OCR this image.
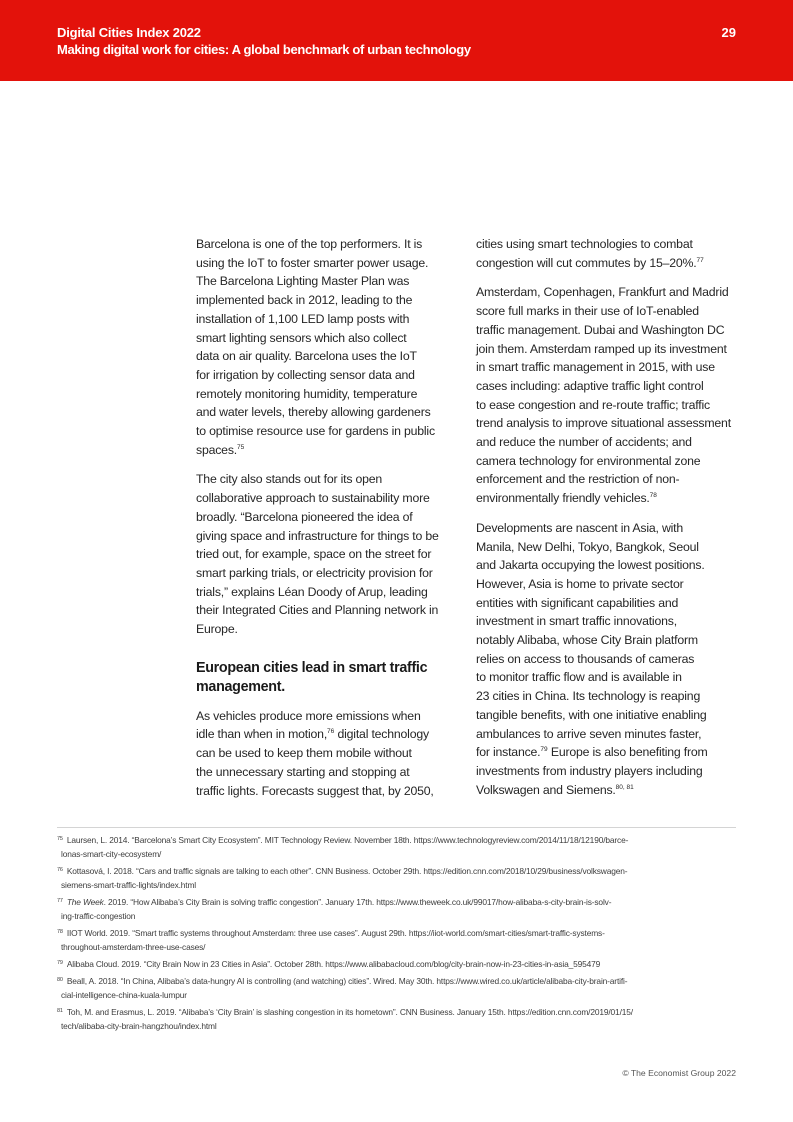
Digital Cities Index 2022
Making digital work for cities: A global benchmark of urban technology
29

Barcelona is one of the top performers. It is
using the IoT to foster smarter power usage.
The Barcelona Lighting Master Plan was
implemented back in 2012, leading to the
installation of 1,100 LED lamp posts with
smart lighting sensors which also collect
data on air quality. Barcelona uses the IoT
for irrigation by collecting sensor data and
remotely monitoring humidity, temperature
and water levels, thereby allowing gardeners
to optimise resource use for gardens in public
spaces.$^{75}$

The city also stands out for its open
collaborative approach to sustainability more
broadly. “Barcelona pioneered the idea of
giving space and infrastructure for things to be
tried out, for example, space on the street for
smart parking trials, or electricity provision for
trials,” explains Léan Doody of Arup, leading
their Integrated Cities and Planning network in
Europe.

European cities lead in smart traffic
management.

As vehicles produce more emissions when
idle than when in motion,$^{76}$ digital technology
can be used to keep them mobile without
the unnecessary starting and stopping at
traffic lights. Forecasts suggest that, by 2050,

cities using smart technologies to combat
congestion will cut commutes by 15–20%.$^{77}$

Amsterdam, Copenhagen, Frankfurt and Madrid
score full marks in their use of IoT-enabled
traffic management. Dubai and Washington DC
join them. Amsterdam ramped up its investment
in smart traffic management in 2015, with use
cases including: adaptive traffic light control
to ease congestion and re-route traffic; traffic
trend analysis to improve situational assessment
and reduce the number of accidents; and
camera technology for environmental zone
enforcement and the restriction of non-
environmentally friendly vehicles.$^{78}$

Developments are nascent in Asia, with
Manila, New Delhi, Tokyo, Bangkok, Seoul
and Jakarta occupying the lowest positions.
However, Asia is home to private sector
entities with significant capabilities and
investment in smart traffic innovations,
notably Alibaba, whose City Brain platform
relies on access to thousands of cameras
to monitor traffic flow and is available in
23 cities in China. Its technology is reaping
tangible benefits, with one initiative enabling
ambulances to arrive seven minutes faster,
for instance.$^{79}$ Europe is also benefiting from
investments from industry players including
Volkswagen and Siemens.$^{80, 81}$

$^{75}$ Laursen, L. 2014. “Barcelona’s Smart City Ecosystem”. MIT Technology Review. November 18th. https://www.technologyreview.com/2014/11/18/12190/barce-
lonas-smart-city-ecosystem/
$^{76}$ Kottasová, I. 2018. “Cars and traffic signals are talking to each other”. CNN Business. October 29th. https://edition.cnn.com/2018/10/29/business/volkswagen-
siemens-smart-traffic-lights/index.html
$^{77}$ The Week. 2019. “How Alibaba’s City Brain is solving traffic congestion”. January 17th. https://www.theweek.co.uk/99017/how-alibaba-s-city-brain-is-solv-
ing-traffic-congestion
$^{78}$ IIOT World. 2019. “Smart traffic systems throughout Amsterdam: three use cases”. August 29th. https://iiot-world.com/smart-cities/smart-traffic-systems-
throughout-amsterdam-three-use-cases/
$^{79}$ Alibaba Cloud. 2019. “City Brain Now in 23 Cities in Asia”. October 28th. https://www.alibabacloud.com/blog/city-brain-now-in-23-cities-in-asia_595479
$^{80}$ Beall, A. 2018. “In China, Alibaba’s data-hungry AI is controlling (and watching) cities”. Wired. May 30th. https://www.wired.co.uk/article/alibaba-city-brain-artifi-
cial-intelligence-china-kuala-lumpur
$^{81}$ Toh, M. and Erasmus, L. 2019. “Alibaba’s ‘City Brain’ is slashing congestion in its hometown”. CNN Business. January 15th. https://edition.cnn.com/2019/01/15/
tech/alibaba-city-brain-hangzhou/index.html
© The Economist Group 2022
